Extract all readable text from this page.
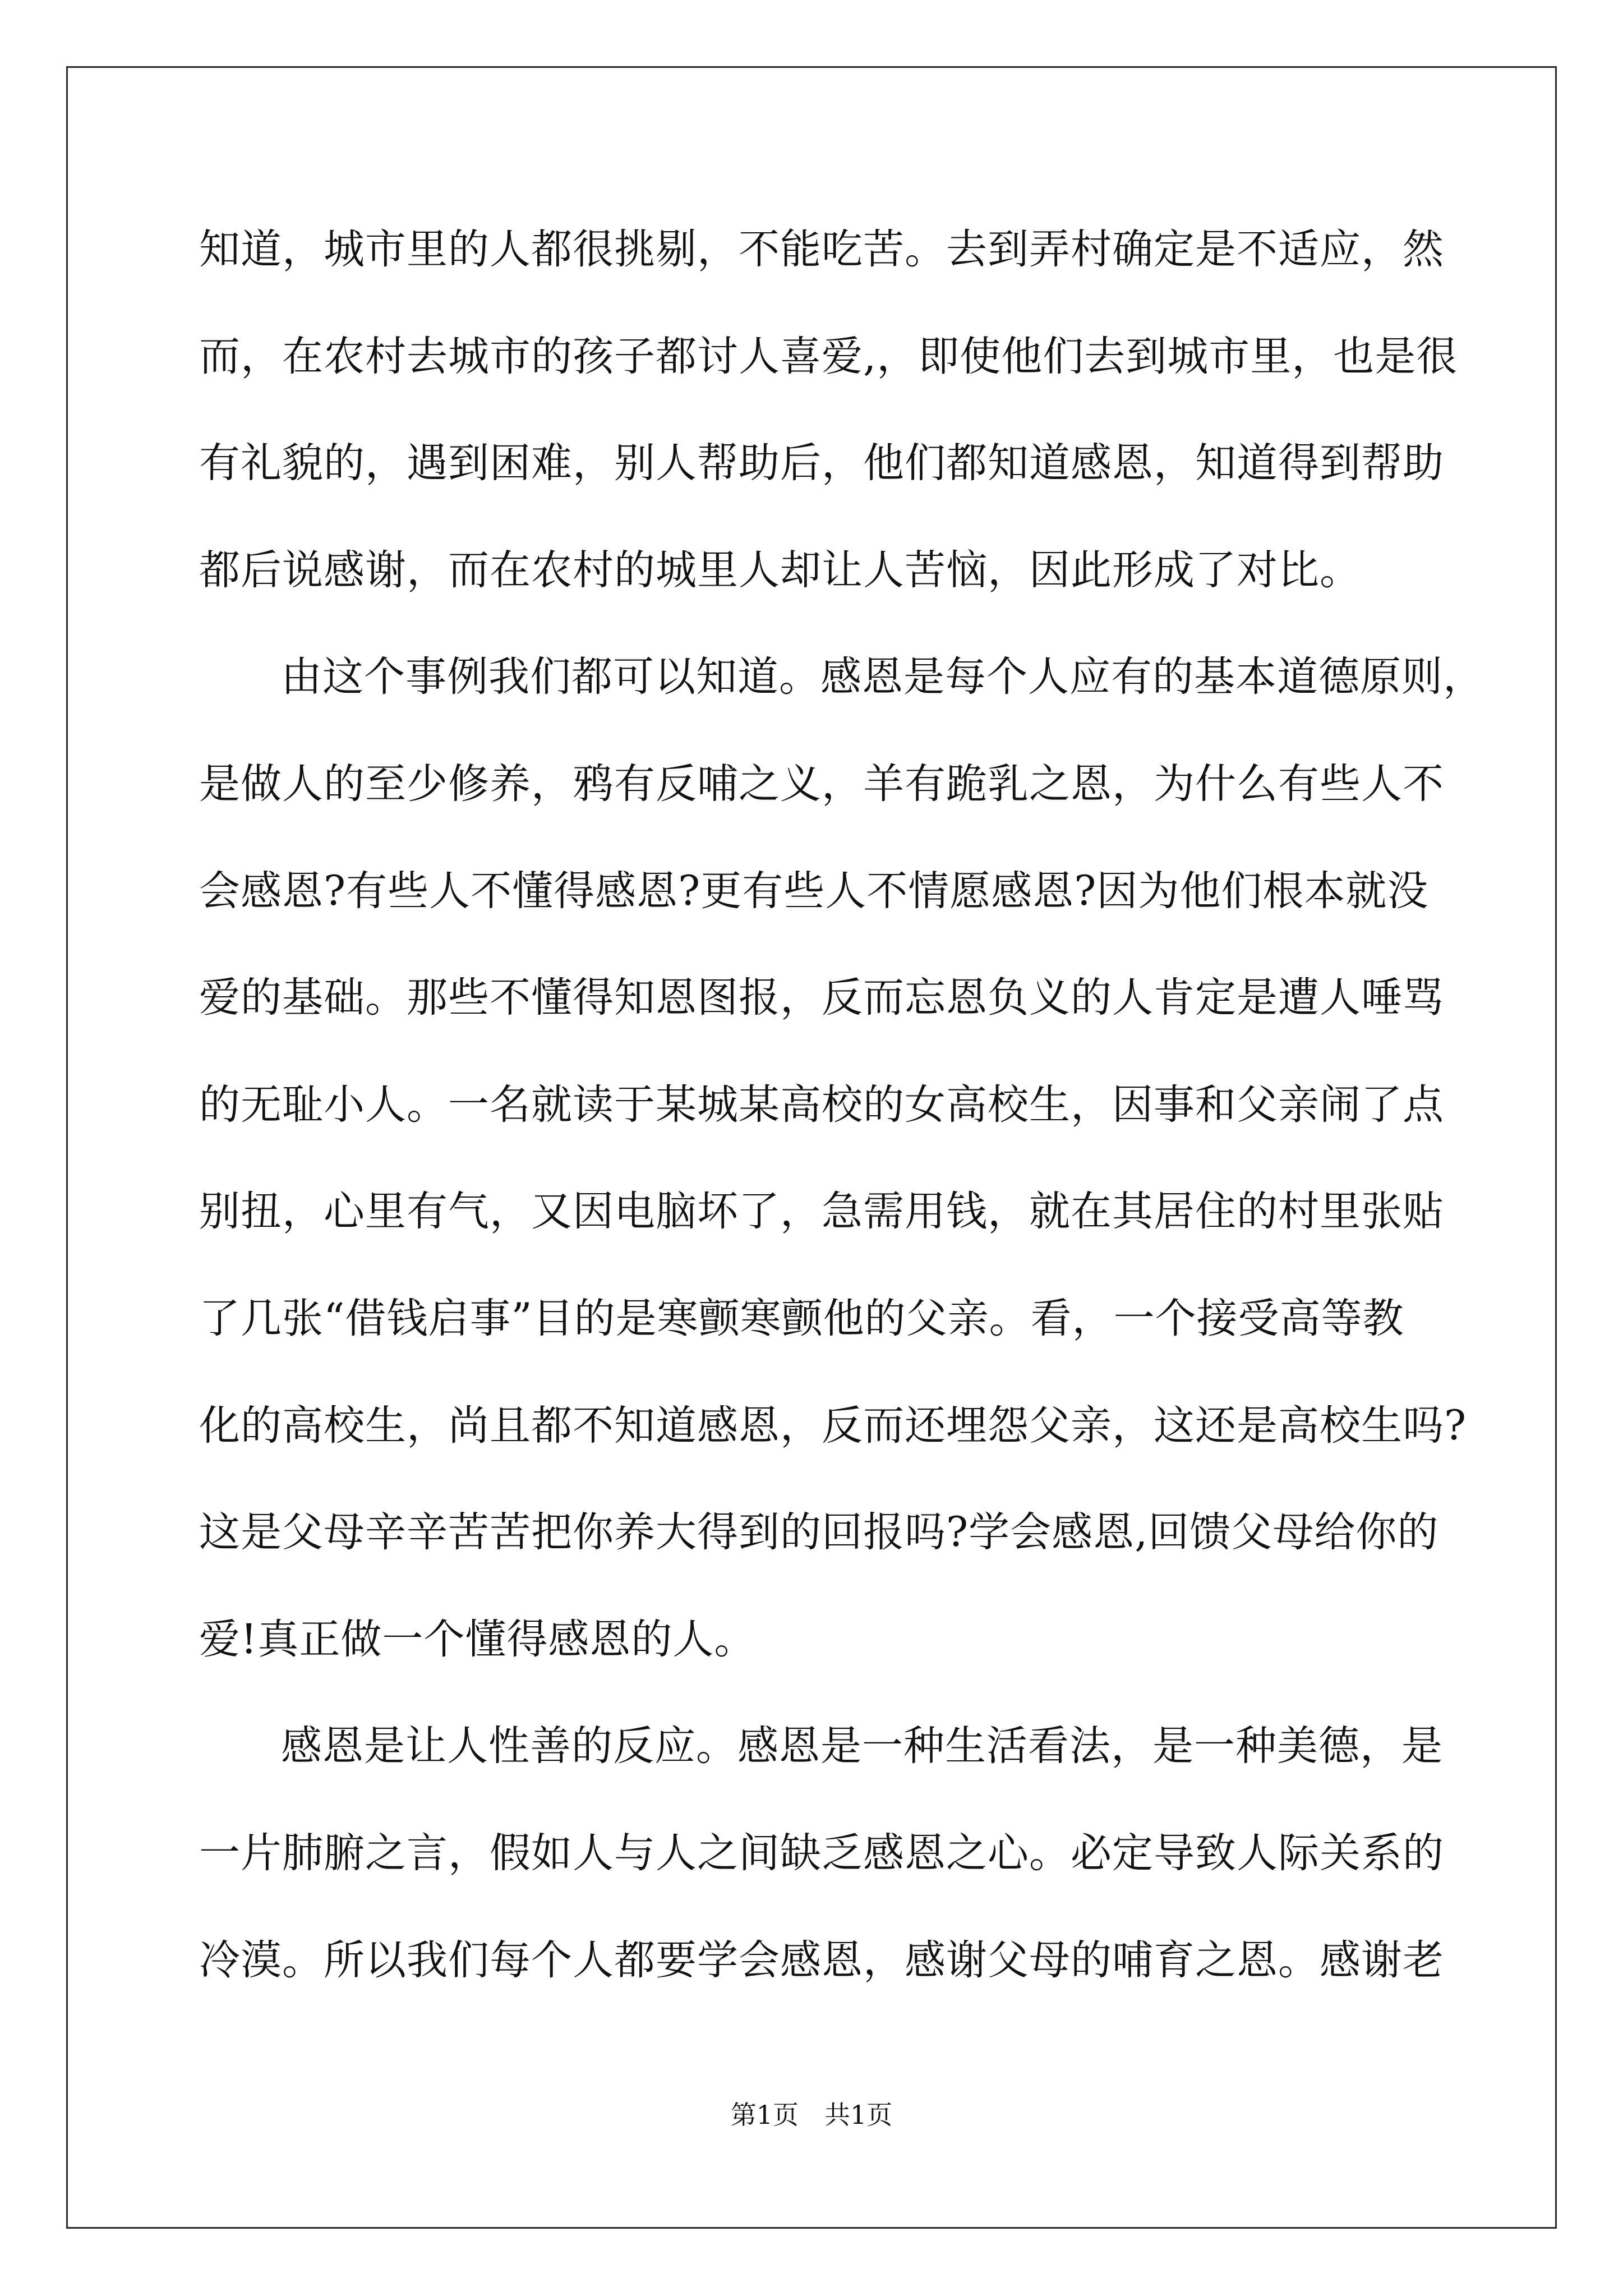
知道，城市里的人都很挑剔，不能吃苦。去到弄村确定是不适应，然
而，在农村去城市的孩子都讨人喜爱,，即使他们去到城市里，也是很
有礼貌的，遇到困难，别人帮助后，他们都知道感恩，知道得到帮助
都后说感谢，而在农村的城里人却让人苦恼，因此形成了对比。
由这个事例我们都可以知道。感恩是每个人应有的基本道德原则，
是做人的至少修养，鸦有反哺之义，羊有跪乳之恩，为什么有些人不
会感恩?有些人不懂得感恩?更有些人不情愿感恩?因为他们根本就没
爱的基础。那些不懂得知恩图报，反而忘恩负义的人肯定是遭人唾骂
的无耻小人。一名就读于某城某高校的女高校生，因事和父亲闹了点
别扭，心里有气，又因电脑坏了，急需用钱，就在其居住的村里张贴
了几张“借钱启事”目的是寒颤寒颤他的父亲。看，一个接受高等教
化的高校生，尚且都不知道感恩，反而还埋怨父亲，这还是高校生吗?
这是父母辛辛苦苦把你养大得到的回报吗?学会感恩,回馈父母给你的
爱!真正做一个懂得感恩的人。
感恩是让人性善的反应。感恩是一种生活看法，是一种美德，是
一片肺腑之言，假如人与人之间缺乏感恩之心。必定导致人际关系的
冷漠。所以我们每个人都要学会感恩，感谢父母的哺育之恩。感谢老
第1页 共1页
